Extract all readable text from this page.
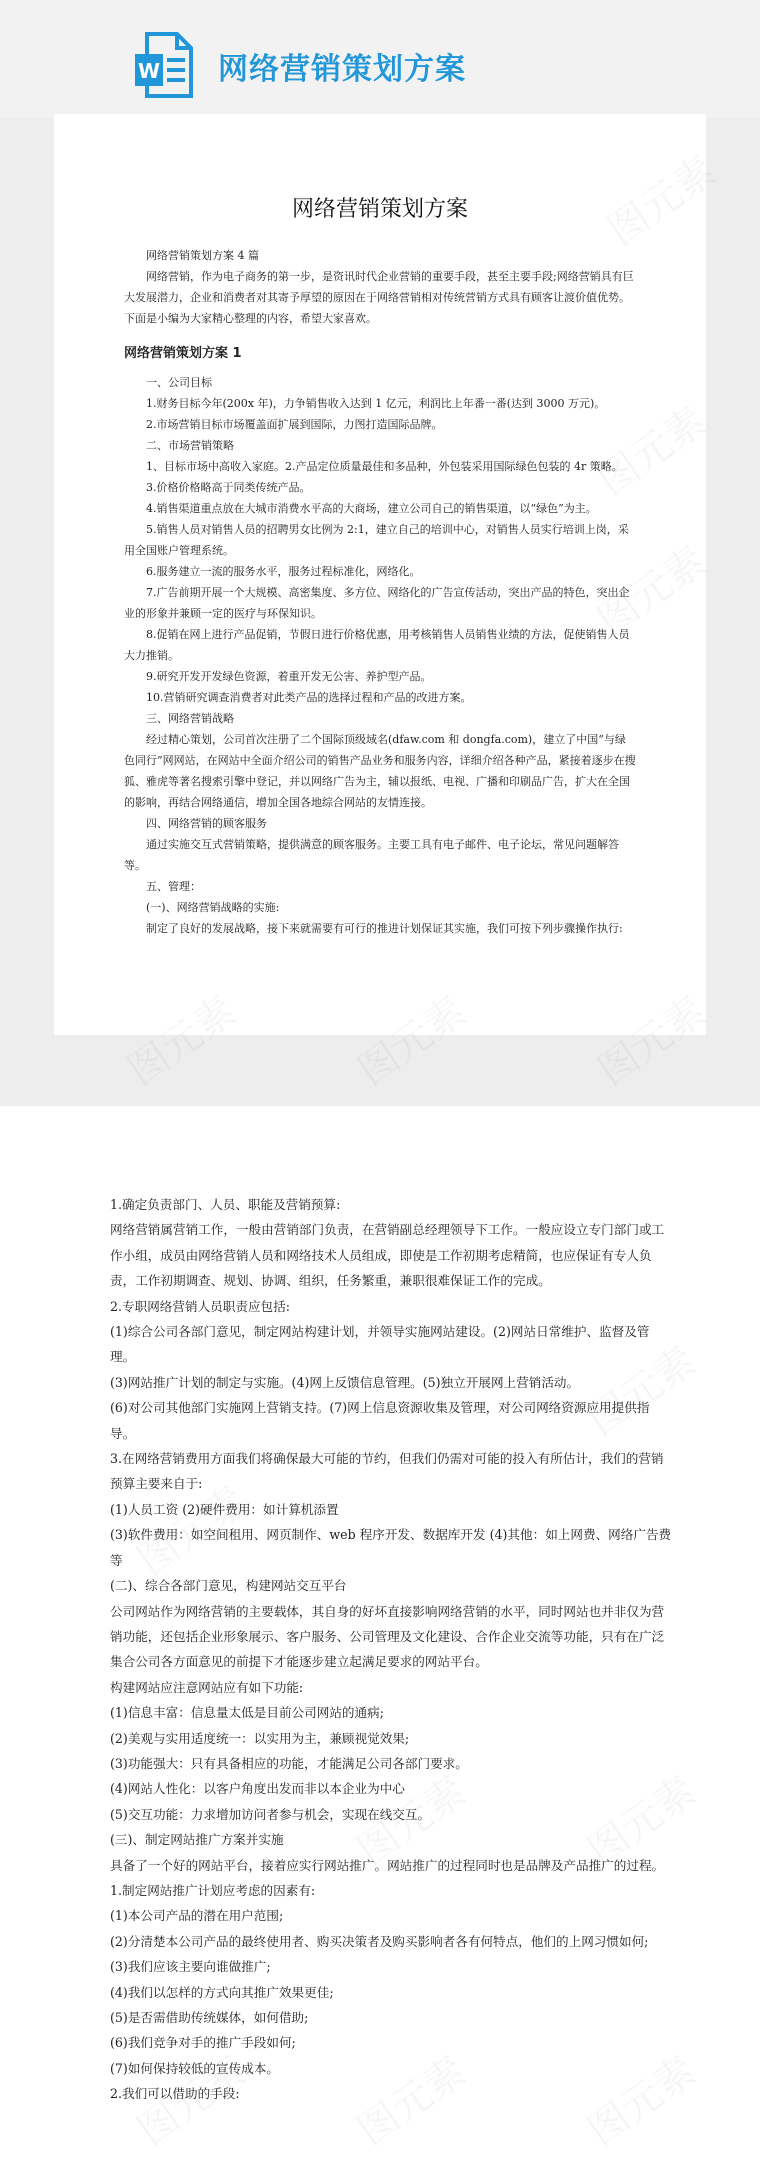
W 网络营销策划方案
网络营销策划方案

网络营销策划方案 4 篇

网络营销，作为电子商务的第一步，是资讯时代企业营销的重要手段，甚至主要手段;网络营销具有巨大发展潜力，企业和消费者对其寄予厚望的原因在于网络营销相对传统营销方式具有顾客让渡价值优势。下面是小编为大家精心整理的内容，希望大家喜欢。

网络营销策划方案 1

一、公司目标

1.财务目标今年(200x 年)，力争销售收入达到 1 亿元，利润比上年番一番(达到 3000 万元)。

2.市场营销目标市场覆盖面扩展到国际，力图打造国际品牌。

二、市场营销策略

1、目标市场中高收入家庭。2.产品定位质量最佳和多品种，外包装采用国际绿色包装的 4r 策略。

3.价格价格略高于同类传统产品。

4.销售渠道重点放在大城市消费水平高的大商场，建立公司自己的销售渠道，以“绿色”为主。

5.销售人员对销售人员的招聘男女比例为 2:1，建立自己的培训中心，对销售人员实行培训上岗，采用全国账户管理系统。

6.服务建立一流的服务水平，服务过程标准化，网络化。

7.广告前期开展一个大规模、高密集度、多方位、网络化的广告宣传活动，突出产品的特色，突出企业的形象并兼顾一定的医疗与环保知识。

8.促销在网上进行产品促销，节假日进行价格优惠，用考核销售人员销售业绩的方法，促使销售人员大力推销。

9.研究开发开发绿色资源，着重开发无公害、养护型产品。

10.营销研究调查消费者对此类产品的选择过程和产品的改进方案。

三、网络营销战略

经过精心策划，公司首次注册了二个国际顶级域名(dfaw.com 和 dongfa.com)，建立了中国“与绿色同行”网网站，在网站中全面介绍公司的销售产品业务和服务内容，详细介绍各种产品，紧接着逐步在搜狐、雅虎等著名搜索引擎中登记，并以网络广告为主，辅以报纸、电视、广播和印刷品广告，扩大在全国的影响，再结合网络通信，增加全国各地综合网站的友情连接。

四、网络营销的顾客服务

通过实施交互式营销策略，提供满意的顾客服务。主要工具有电子邮件、电子论坛，常见问题解答等。

五、管理：

(一)、网络营销战略的实施:

制定了良好的发展战略，接下来就需要有可行的推进计划保证其实施，我们可按下列步骤操作执行:

1.确定负责部门、人员、职能及营销预算:

网络营销属营销工作，一般由营销部门负责，在营销副总经理领导下工作。一般应设立专门部门或工作小组，成员由网络营销人员和网络技术人员组成，即使是工作初期考虑精简，也应保证有专人负责，工作初期调查、规划、协调、组织，任务繁重，兼职很难保证工作的完成。

2.专职网络营销人员职责应包括:

(1)综合公司各部门意见，制定网站构建计划，并领导实施网站建设。(2)网站日常维护、监督及管理。

(3)网站推广计划的制定与实施。(4)网上反馈信息管理。(5)独立开展网上营销活动。

(6)对公司其他部门实施网上营销支持。(7)网上信息资源收集及管理，对公司网络资源应用提供指导。

3.在网络营销费用方面我们将确保最大可能的节约，但我们仍需对可能的投入有所估计，我们的营销预算主要来自于:

(1)人员工资 (2)硬件费用：如计算机添置

(3)软件费用：如空间租用、网页制作、web 程序开发、数据库开发 (4)其他：如上网费、网络广告费等

(二)、综合各部门意见，构建网站交互平台

公司网站作为网络营销的主要载体，其自身的好坏直接影响网络营销的水平，同时网站也并非仅为营销功能，还包括企业形象展示、客户服务、公司管理及文化建设、合作企业交流等功能，只有在广泛集合公司各方面意见的前提下才能逐步建立起满足要求的网站平台。

构建网站应注意网站应有如下功能:

(1)信息丰富：信息量太低是目前公司网站的通病;

(2)美观与实用适度统一：以实用为主，兼顾视觉效果;

(3)功能强大：只有具备相应的功能，才能满足公司各部门要求。

(4)网站人性化：以客户角度出发而非以本企业为中心

(5)交互功能：力求增加访问者参与机会，实现在线交互。

(三)、制定网站推广方案并实施

具备了一个好的网站平台，接着应实行网站推广。网站推广的过程同时也是品牌及产品推广的过程。

1.制定网站推广计划应考虑的因素有:

(1)本公司产品的潜在用户范围;

(2)分清楚本公司产品的最终使用者、购买决策者及购买影响者各有何特点，他们的上网习惯如何;

(3)我们应该主要向谁做推广;

(4)我们以怎样的方式向其推广效果更佳;

(5)是否需借助传统媒体，如何借助;

(6)我们竞争对手的推广手段如何;

(7)如何保持较低的宣传成本。

2.我们可以借助的手段:
